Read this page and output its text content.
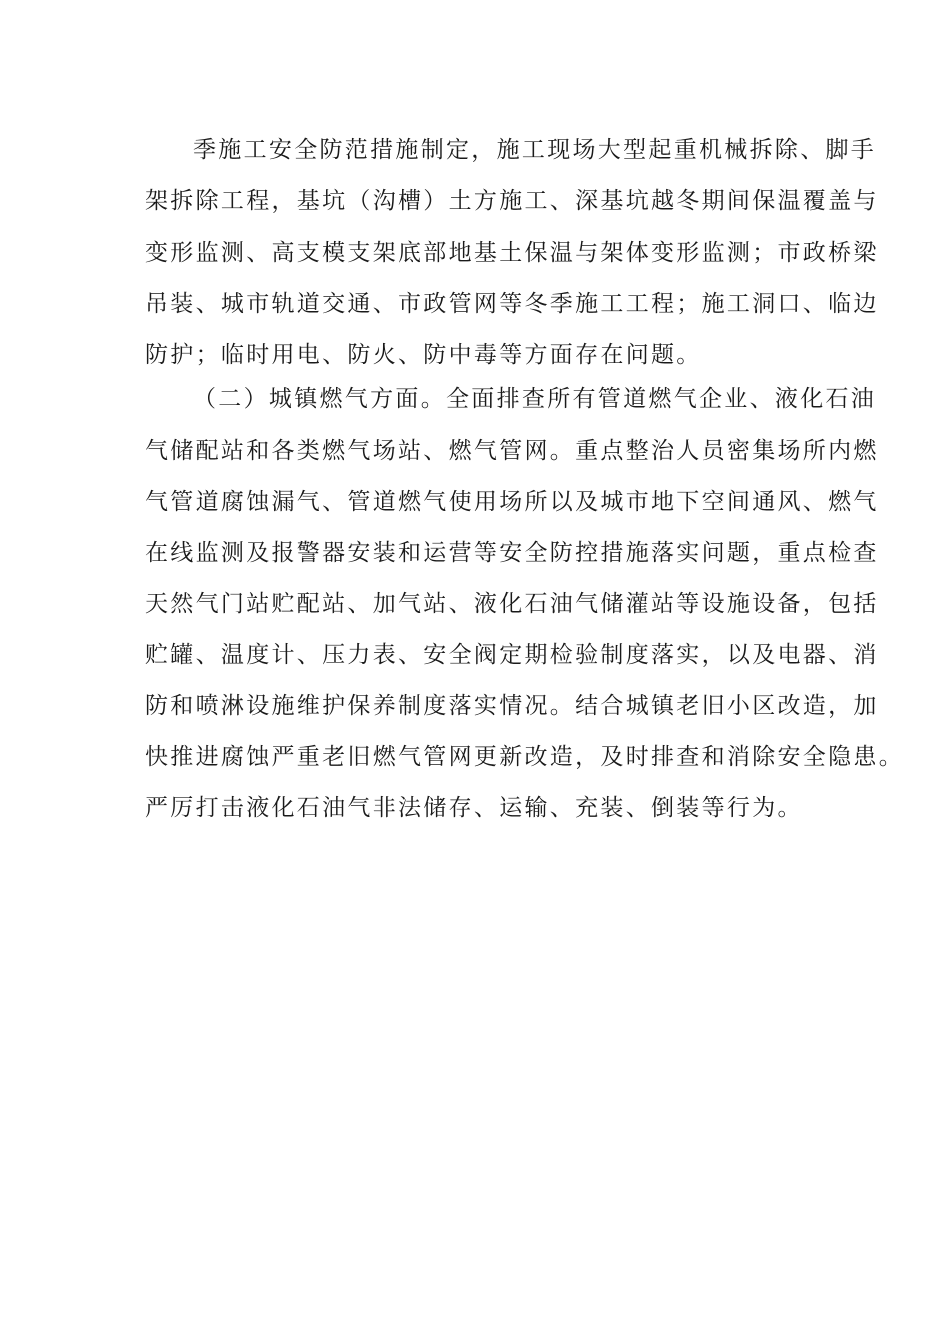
季施工安全防范措施制定，施工现场大型起重机械拆除、脚手
架拆除工程，基坑（沟槽）土方施工、深基坑越冬期间保温覆盖与
变形监测、高支模支架底部地基土保温与架体变形监测；市政桥梁
吊装、城市轨道交通、市政管网等冬季施工工程；施工洞口、临边
防护；临时用电、防火、防中毒等方面存在问题。
（二）城镇燃气方面。全面排查所有管道燃气企业、液化石油
气储配站和各类燃气场站、燃气管网。重点整治人员密集场所内燃
气管道腐蚀漏气、管道燃气使用场所以及城市地下空间通风、燃气
在线监测及报警器安装和运营等安全防控措施落实问题，重点检查
天然气门站贮配站、加气站、液化石油气储灌站等设施设备，包括
贮罐、温度计、压力表、安全阀定期检验制度落实，以及电器、消
防和喷淋设施维护保养制度落实情况。结合城镇老旧小区改造，加
快推进腐蚀严重老旧燃气管网更新改造，及时排查和消除安全隐患。
严厉打击液化石油气非法储存、运输、充装、倒装等行为。
